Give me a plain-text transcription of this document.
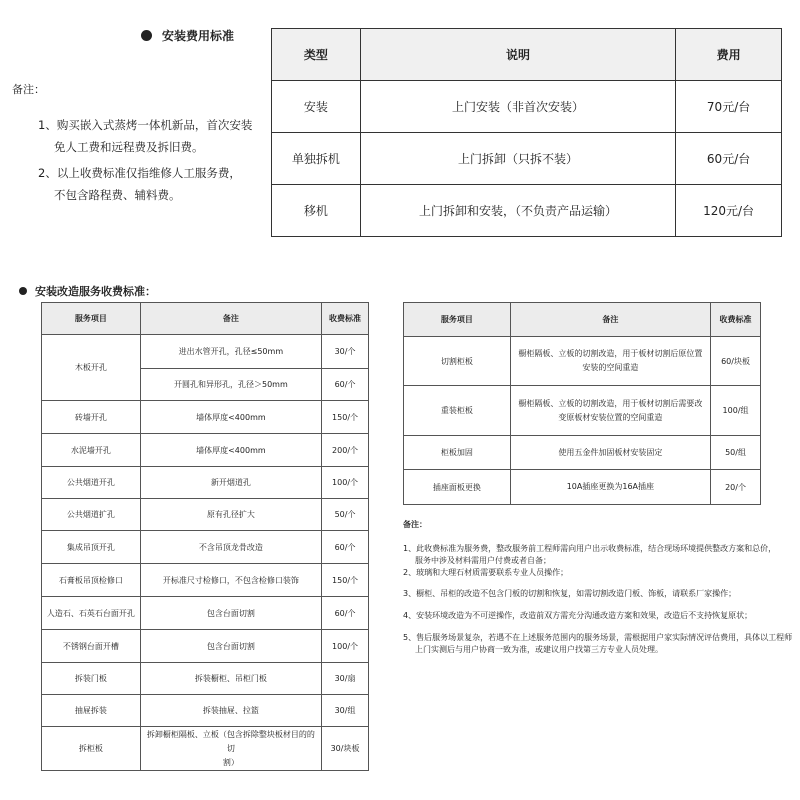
安装费用标准
备注：
1、购买嵌入式蒸烤一体机新品，首次安装
免人工费和远程费及拆旧费。
2、以上收费标准仅指维修人工服务费，
不包含路程费、辅料费。
类型	说明	费用
安装	上门安装（非首次安装）	70元/台
单独拆机	上门拆卸（只拆不装）	60元/台
移机	上门拆卸和安装，（不负责产品运输）	120元/台
安装改造服务收费标准：
服务项目	备注	收费标准
木板开孔	进出水管开孔，孔径≤50mm	30/个
	开圆孔和异形孔，孔径＞50mm	60/个
砖墙开孔	墙体厚度<400mm	150/个
水泥墙开孔	墙体厚度<400mm	200/个
公共烟道开孔	新开烟道孔	100/个
公共烟道扩孔	原有孔径扩大	50/个
集成吊顶开孔	不含吊顶龙骨改造	60/个
石膏板吊顶检修口	开标准尺寸检修口，不包含检修口装饰	150/个
人造石、石英石台面开孔	包含台面切割	60/个
不锈钢台面开槽	包含台面切割	100/个
拆装门板	拆装橱柜、吊柜门板	30/扇
抽屉拆装	拆装抽屉、拉篮	30/组
拆柜板	拆卸橱柜隔板、立板（包含拆除整块板材目的的切
割）	30/块板
服务项目	备注	收费标准
切割柜板	橱柜隔板、立板的切割改造，用于板材切割后原位置
安装的空间重造	60/块板
重装柜板	橱柜隔板、立板的切割改造，用于板材切割后需要改
变原板材安装位置的空间重造	100/组
柜板加固	使用五金件加固板材安装固定	50/组
插座面板更换	10A插座更换为16A插座	20/个
备注：
1、此收费标准为服务费，整改服务前工程师需向用户出示收费标准，结合现场环境提供整改方案和总价，
服务中涉及材料需用户付费或者自备；
2、玻璃和大理石材质需要联系专业人员操作；
3、橱柜、吊柜的改造不包含门板的切割和恢复，如需切割改造门板、饰板，请联系厂家操作；
4、安装环境改造为不可逆操作，改造前双方需充分沟通改造方案和效果，改造后不支持恢复原状；
5、售后服务场景复杂，若遇不在上述服务范围内的服务场景，需根据用户家实际情况评估费用，具体以工程师
上门实测后与用户协商一致为准，或建议用户找第三方专业人员处理。
